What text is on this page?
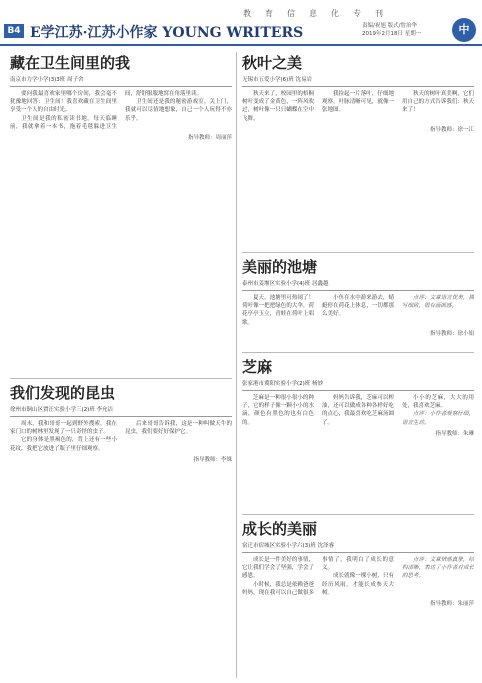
教育信息化专刊
B4 E学江苏·江苏小作家 YOUNG WRITERS	责编/祝旭 版式/詹治华
2019年2月18日 星期一	中
藏在卫生间里的我
南京市力学小学(3)3班 周子舍

要问我最喜欢家里哪个房间，我会毫不犹豫地回答：卫生间！我喜欢藏在卫生间里享受一个人的自由时光。

卫生间是我的私密读书地。每天临睡前，我就拿着一本书，拖着毛毯躲进卫生间，舒舒服服地窝在角落里读。

卫生间还是我的秘密游戏室。关上门，我就可以尽情地想象，自己一个人玩得不亦乐乎。

指导教师：周丽萍
我们发现的昆虫
徐州市铜山区賈汪实验小学三(2)班 李允洁

周末，我和哥哥一起到野外搜索，我在家门口的树林里发现了一只奇怪的虫子。

它的身体是黑褐色的，背上还有一些小花纹，我把它放进了瓶子里仔细观察。

后来哥哥告诉我，这是一种叫做天牛的昆虫，我们要好好保护它。

指导教师：李姝
秋叶之美
无锡市五爱小学(6)班 沈易岩

秋天来了，校园里的梧桐树叶变成了金黄色，一阵风吹过，树叶像一只只蝴蝶在空中飞舞。

我捡起一片落叶，仔细地观察，叶脉清晰可见，就像一张地图。

秋天的树叶真美啊，它们用自己的方式告诉我们：秋天来了！

指导教师：徐一江
美丽的池塘
泰州市姜堰区实验小学(4)班 居鑫越

夏天，池塘里可热闹了！荷叶像一把把绿色的大伞，荷花亭亭玉立，青蛙在荷叶上唱歌。

小鱼在水中游来游去，蜻蜓停在荷花上休息，一切都那么美好。

点评：文章语言优美，描写细致，很有画面感。

指导教师：徐小娟
芝麻
张家港市冀阳实验小学(2)班 杨妙

芝麻是一种很小很小的种子，它的样子像一颗小小的水滴，颜色有黑色的也有白色的。

妈妈告诉我，芝麻可以榨油，还可以做成各种各样好吃的点心，我最喜欢吃芝麻汤圆了。

小小的芝麻，大大的用处，我喜欢芝麻。

点评：小作者观察仔细，语言生动。

指导教师：朱琳
成长的美丽
宿迁市宿城区实验小学六(3)班 沈泽睿

成长是一件美好的事情，它让我们学会了坚强，学会了感恩。

小时候，我总是依赖爸爸妈妈，现在我可以自己做很多事情了，我明白了成长的意义。

成长就像一棵小树，只有经历风雨，才能长成参天大树。

点评：文章情感真挚，结构清晰，表达了小作者对成长的思考。

指导教师：朱丽萍
